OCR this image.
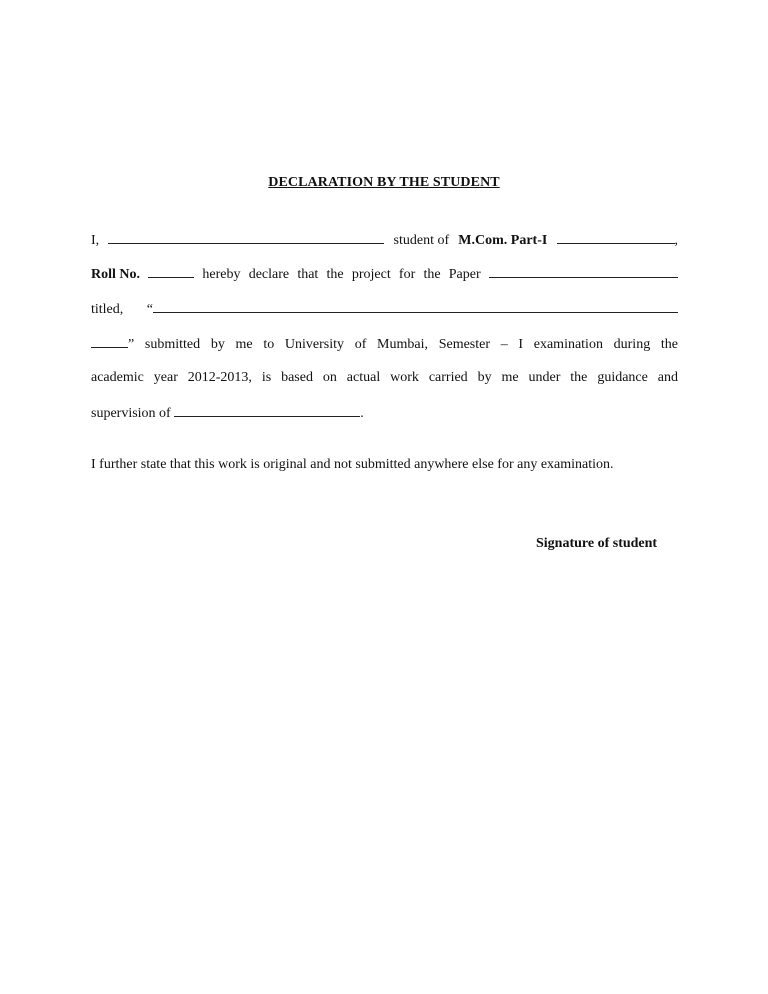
DECLARATION BY THE STUDENT
I,	student of M.Com. Part-I	,
Roll No.	hereby declare that the project for the Paper
titled, “
” submitted by me to University of Mumbai, Semester – I examination during the
academic year 2012-2013, is based on actual work carried by me under the guidance and
supervision of	.
I further state that this work is original and not submitted anywhere else for any examination.
Signature of student
